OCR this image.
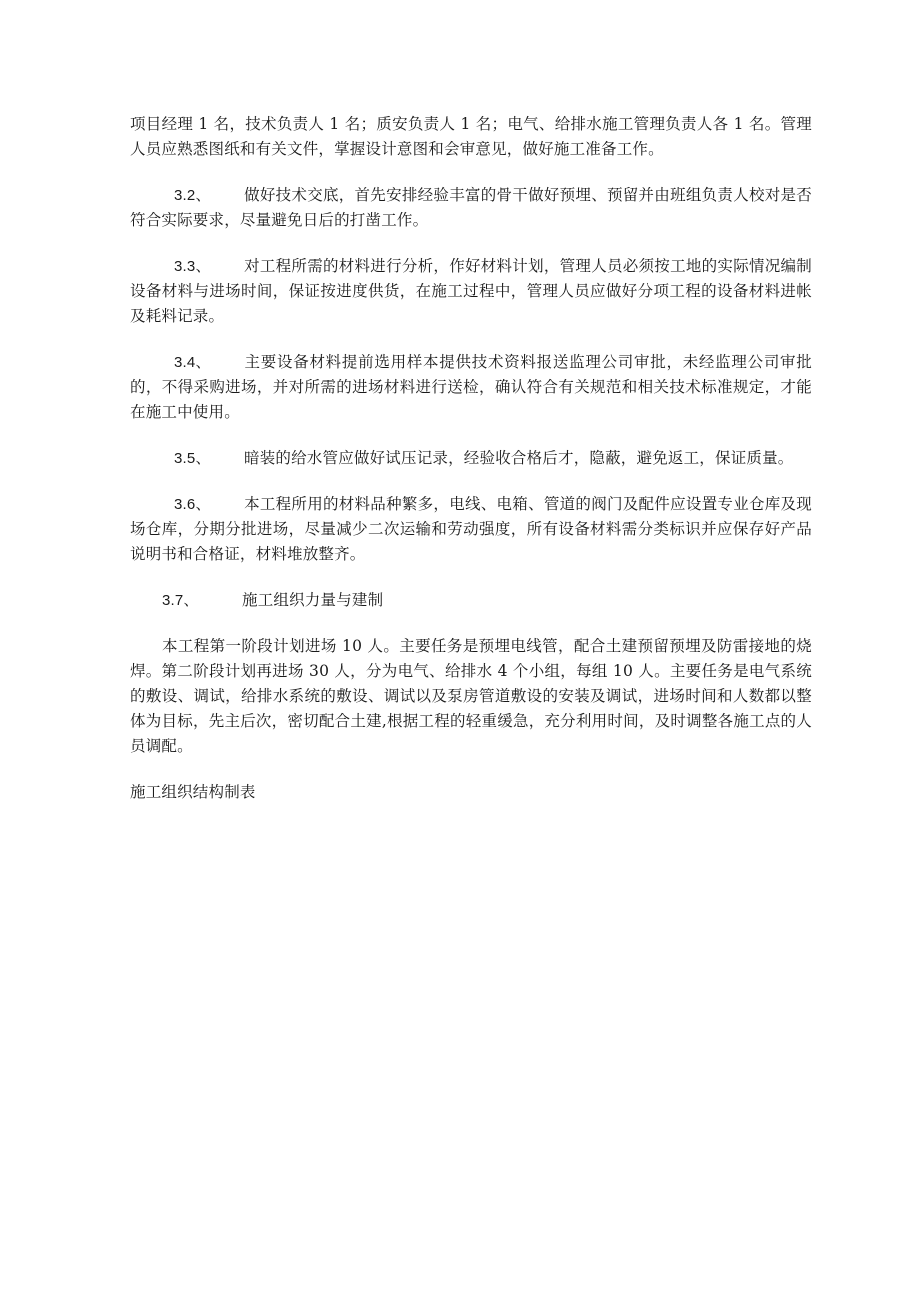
项目经理 1 名，技术负责人 1 名；质安负责人 1 名；电气、给排水施工管理负责人各 1 名。管理人员应熟悉图纸和有关文件，掌握设计意图和会审意见，做好施工准备工作。

3.2、 做好技术交底，首先安排经验丰富的骨干做好预埋、预留并由班组负责人校对是否符合实际要求，尽量避免日后的打凿工作。

3.3、 对工程所需的材料进行分析，作好材料计划，管理人员必须按工地的实际情况编制设备材料与进场时间，保证按进度供货，在施工过程中，管理人员应做好分项工程的设备材料进帐及耗料记录。

3.4、 主要设备材料提前选用样本提供技术资料报送监理公司审批，未经监理公司审批的，不得采购进场，并对所需的进场材料进行送检，确认符合有关规范和相关技术标准规定，才能在施工中使用。

3.5、 暗装的给水管应做好试压记录，经验收合格后才，隐蔽，避免返工，保证质量。

3.6、 本工程所用的材料品种繁多，电线、电箱、管道的阀门及配件应设置专业仓库及现场仓库，分期分批进场，尽量减少二次运输和劳动强度，所有设备材料需分类标识并应保存好产品说明书和合格证，材料堆放整齐。

3.7、	施工组织力量与建制

本工程第一阶段计划进场 10 人。主要任务是预埋电线管，配合土建预留预埋及防雷接地的烧焊。第二阶段计划再进场 30 人，分为电气、给排水 4 个小组，每组 10 人。主要任务是电气系统的敷设、调试，给排水系统的敷设、调试以及泵房管道敷设的安装及调试，进场时间和人数都以整体为目标，先主后次，密切配合土建,根据工程的轻重缓急，充分利用时间，及时调整各施工点的人员调配。

施工组织结构制表
